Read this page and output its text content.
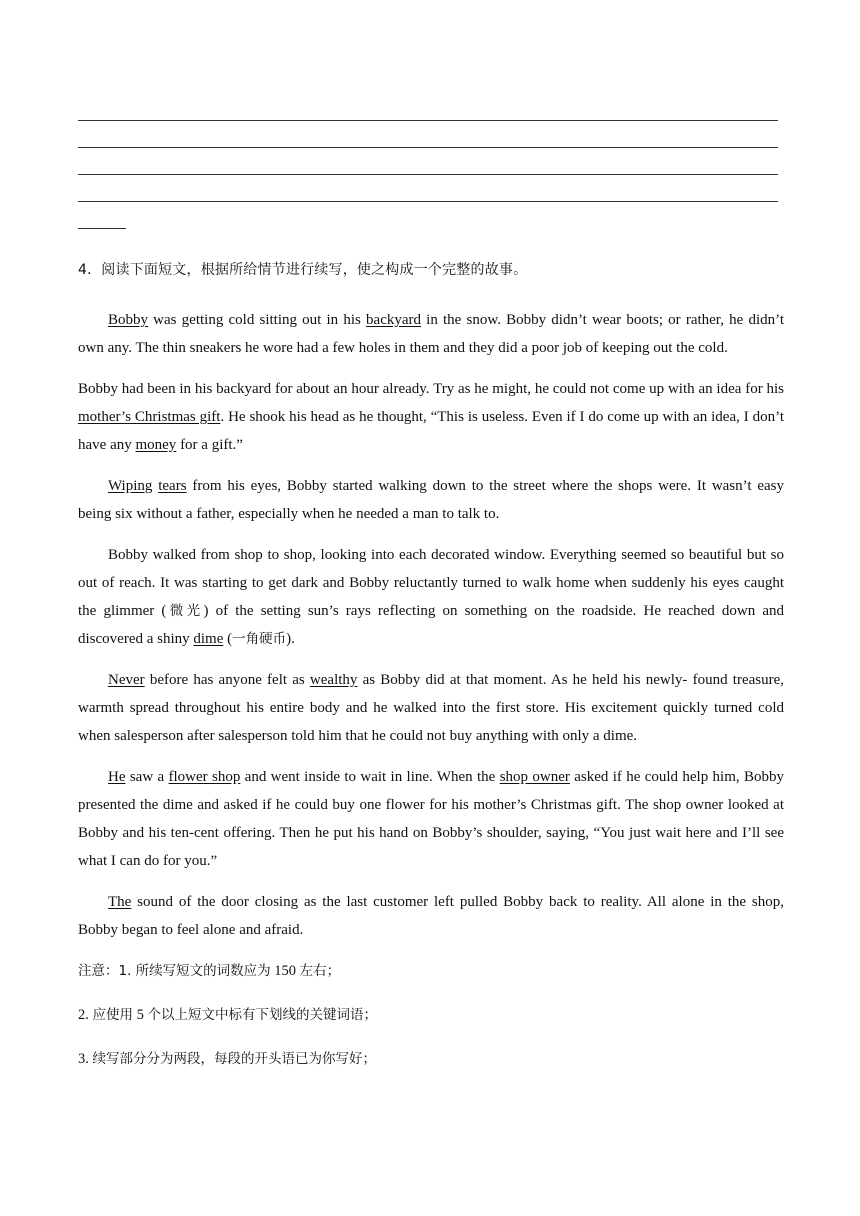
4．阅读下面短文，根据所给情节进行续写，使之构成一个完整的故事。

Bobby was getting cold sitting out in his backyard in the snow. Bobby didn’t wear boots; or rather, he didn’t own any. The thin sneakers he wore had a few holes in them and they did a poor job of keeping out the cold.

Bobby had been in his backyard for about an hour already. Try as he might, he could not come up with an idea for his mother’s Christmas gift. He shook his head as he thought, “This is useless. Even if I do come up with an idea, I don’t have any money for a gift.”

Wiping tears from his eyes, Bobby started walking down to the street where the shops were. It wasn’t easy being six without a father, especially when he needed a man to talk to.

Bobby walked from shop to shop, looking into each decorated window. Everything seemed so beautiful but so out of reach. It was starting to get dark and Bobby reluctantly turned to walk home when suddenly his eyes caught the glimmer (微光) of the setting sun’s rays reflecting on something on the roadside. He reached down and discovered a shiny dime (一角硬币).

Never before has anyone felt as wealthy as Bobby did at that moment. As he held his newly- found treasure, warmth spread throughout his entire body and he walked into the first store. His excitement quickly turned cold when salesperson after salesperson told him that he could not buy anything with only a dime.

He saw a flower shop and went inside to wait in line. When the shop owner asked if he could help him, Bobby presented the dime and asked if he could buy one flower for his mother’s Christmas gift. The shop owner looked at Bobby and his ten-cent offering. Then he put his hand on Bobby’s shoulder, saying, “You just wait here and I’ll see what I can do for you.”

The sound of the door closing as the last customer left pulled Bobby back to reality. All alone in the shop, Bobby began to feel alone and afraid.

注意：1. 所续写短文的词数应为 150 左右；

2. 应使用 5 个以上短文中标有下划线的关键词语；

3. 续写部分分为两段，每段的开头语已为你写好；
